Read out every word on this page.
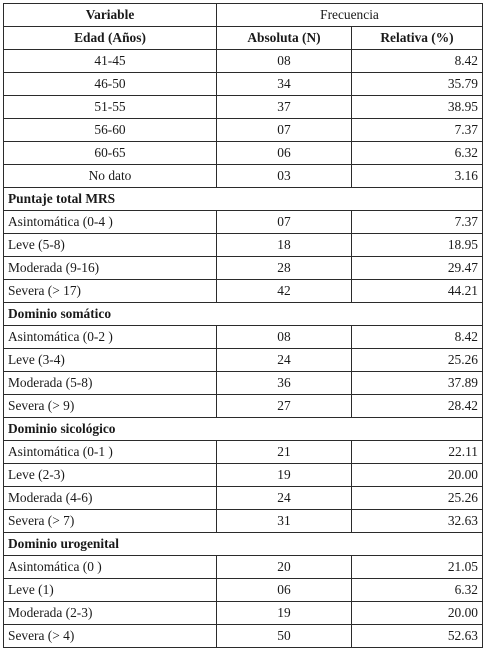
Variable	Frecuencia	
Edad (Años)	Absoluta (N)	Relativa (%)
41-45	08	8.42
46-50	34	35.79
51-55	37	38.95
56-60	07	7.37
60-65	06	6.32
No dato	03	3.16
Puntaje total MRS		
Asintomática (0-4 )	07	7.37
Leve (5-8)	18	18.95
Moderada (9-16)	28	29.47
Severa (> 17)	42	44.21
Dominio somático		
Asintomática (0-2 )	08	8.42
Leve (3-4)	24	25.26
Moderada (5-8)	36	37.89
Severa (> 9)	27	28.42
Dominio sicológico		
Asintomática (0-1 )	21	22.11
Leve (2-3)	19	20.00
Moderada (4-6)	24	25.26
Severa (> 7)	31	32.63
Dominio urogenital		
Asintomática (0 )	20	21.05
Leve (1)	06	6.32
Moderada (2-3)	19	20.00
Severa (> 4)	50	52.63
